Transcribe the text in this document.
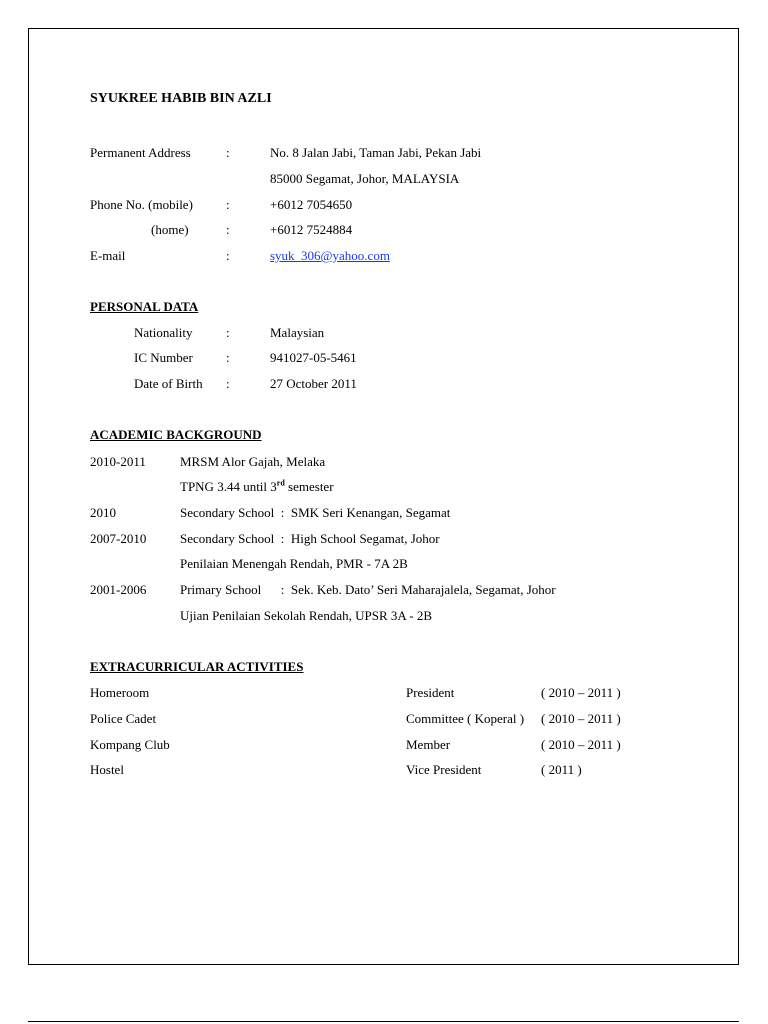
SYUKREE HABIB BIN AZLI
Permanent Address	:	No. 8 Jalan Jabi, Taman Jabi, Pekan Jabi
85000 Segamat, Johor, MALAYSIA
Phone No. (mobile)	:	+6012 7054650
(home)	:	+6012 7524884
E-mail	:	syuk_306@yahoo.com
PERSONAL DATA
Nationality	:	Malaysian
IC Number	:	941027-05-5461
Date of Birth :	27 October 2011
ACADEMIC BACKGROUND
2010-2011	MRSM Alor Gajah, Melaka
TPNG 3.44 until 3rd semester
2010	Secondary School  :  SMK Seri Kenangan, Segamat
2007-2010	Secondary School  :  High School Segamat, Johor
Penilaian Menengah Rendah, PMR - 7A 2B
2001-2006	Primary School      :  Sek. Keb. Dato’ Seri Maharajalela, Segamat, Johor
Ujian Penilaian Sekolah Rendah, UPSR 3A - 2B
EXTRACURRICULAR ACTIVITIES
Homeroom	President	( 2010 – 2011 )
Police Cadet	Committee ( Koperal ) ( 2010 – 2011 )
Kompang Club	Member	( 2010 – 2011 )
Hostel	Vice President	( 2011 )
